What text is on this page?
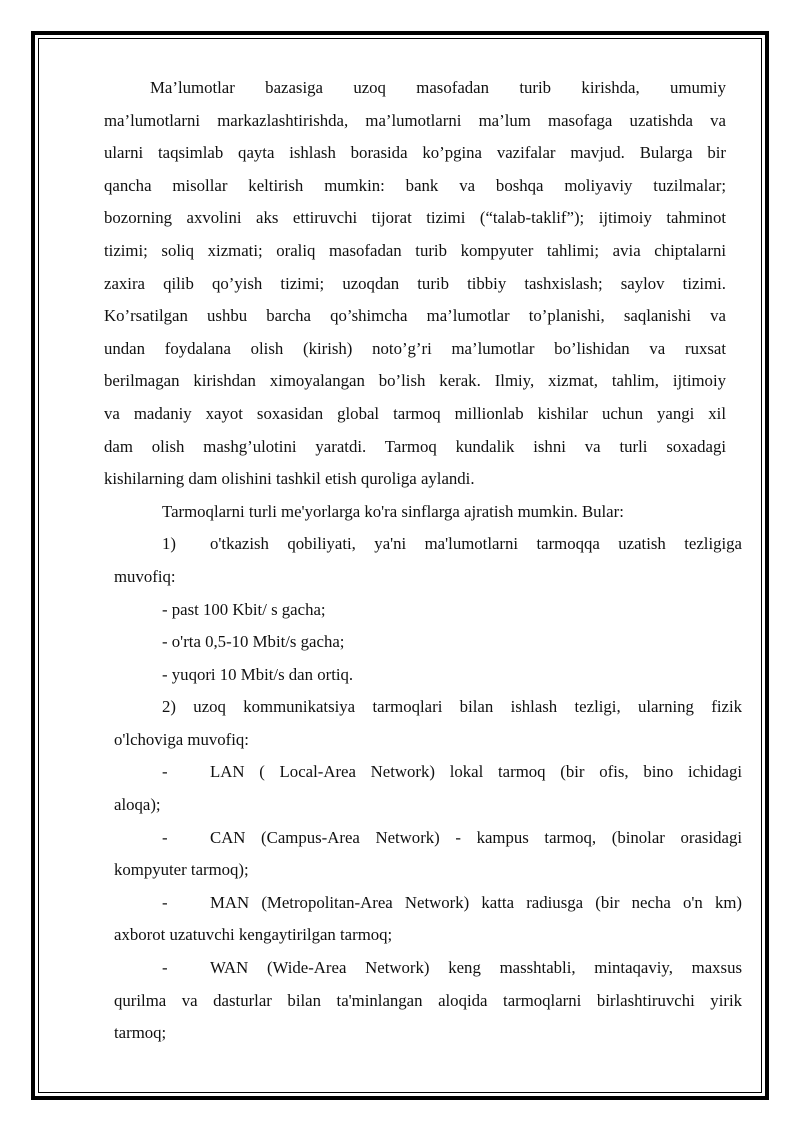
Ma’lumotlar bazasiga uzoq masofadan turib kirishda, umumiy

ma’lumotlarni markazlashtirishda, ma’lumotlarni ma’lum masofaga uzatishda va

ularni taqsimlab qayta ishlash borasida ko’pgina vazifalar mavjud. Bulargа bir

qancha misollar keltirish mumkin: bank va boshqa moliyaviy tuzilmalar;

bozorning axvolini aks ettiruvchi tijorat tizimi (“talab-taklif”); ijtimoiy tahminot

tizimi; soliq xizmati; oraliq masofadan turib kompyuter tahlimi; avia chiptalarni

zaxira qilib qo’yish tizimi; uzoqdan turib tibbiy tashxislash; saylov tizimi.

Ko’rsatilgan ushbu barcha qo’shimcha ma’lumotlar to’planishi, saqlanishi va

undan foydalana olish (kirish) noto’g’ri ma’lumotlar bo’lishidan va ruxsat

berilmagan kirishdan ximoyalangan bo’lish kerak. Ilmiy, xizmat, tahlim, ijtimoiy

va madaniy xayot soxasidan global tarmoq millionlab kishilar uchun yangi xil

dam olish mashg’ulotini yaratdi. Tarmoq kundalik ishni va turli soxadagi

kishilarning dam olishini tashkil etish quroliga aylandi.

Tarmoqlarni turli me'yorlarga ko'ra sinflarga ajratish mumkin. Bular:

1)	o'tkazish qobiliyati, ya'ni ma'lumotlarni tarmoqqa uzatish tezligiga

muvofiq:

- past 100 Kbit/ s gacha;

- o'rta 0,5-10 Mbit/s gacha;

- yuqori 10 Mbit/s dan ortiq.

2) uzoq kommunikatsiya tarmoqlari bilan ishlash tezligi, ularning fizik

o'lchoviga muvofiq:

-	LAN ( Local-Area Network) lokal tarmoq (bir ofis, bino ichidagi

aloqa);

-	CAN (Campus-Area Network) - kampus tarmoq, (binolar orasidagi

kompyuter tarmoq);

-	MAN (Metropolitan-Area Network) katta radiusga (bir necha o'n km)

axborot uzatuvchi kengaytirilgan tarmoq;

-	WAN (Wide-Area Network) keng masshtabli, mintaqaviy, maxsus

qurilma va dasturlar bilan ta'minlangan aloqida tarmoqlarni birlashtiruvchi yirik

tarmoq;
